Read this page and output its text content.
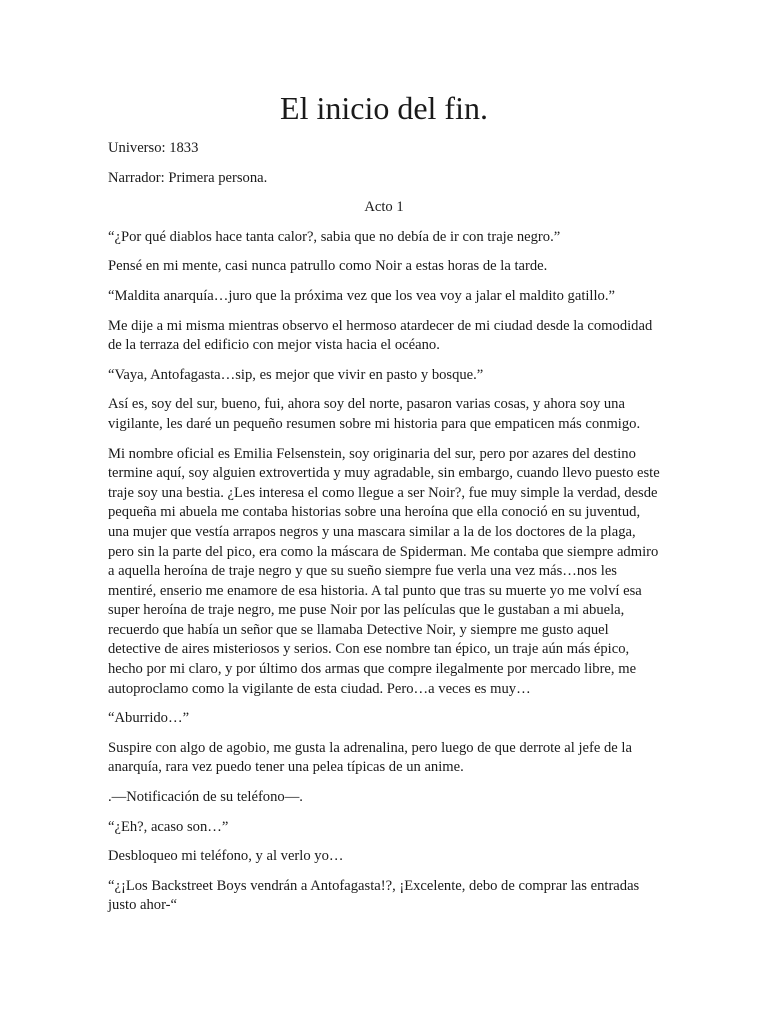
El inicio del fin.

Universo: 1833

Narrador: Primera persona.

Acto 1

“¿Por qué diablos hace tanta calor?, sabia que no debía de ir con traje negro.”

Pensé en mi mente, casi nunca patrullo como Noir a estas horas de la tarde.

“Maldita anarquía…juro que la próxima vez que los vea voy a jalar el maldito gatillo.”

Me dije a mi misma mientras observo el hermoso atardecer de mi ciudad desde la comodidad de la terraza del edificio con mejor vista hacia el océano.

“Vaya, Antofagasta…sip, es mejor que vivir en pasto y bosque.”

Así es, soy del sur, bueno, fui, ahora soy del norte, pasaron varias cosas, y ahora soy una vigilante, les daré un pequeño resumen sobre mi historia para que empaticen más conmigo.

Mi nombre oficial es Emilia Felsenstein, soy originaria del sur, pero por azares del destino termine aquí, soy alguien extrovertida y muy agradable, sin embargo, cuando llevo puesto este traje soy una bestia. ¿Les interesa el como llegue a ser Noir?, fue muy simple la verdad, desde pequeña mi abuela me contaba historias sobre una heroína que ella conoció en su juventud, una mujer que vestía arrapos negros y una mascara similar a la de los doctores de la plaga, pero sin la parte del pico, era como la máscara de Spiderman. Me contaba que siempre admiro a aquella heroína de traje negro y que su sueño siempre fue verla una vez más…nos les mentiré, enserio me enamore de esa historia. A tal punto que tras su muerte yo me volví esa super heroína de traje negro, me puse Noir por las películas que le gustaban a mi abuela, recuerdo que había un señor que se llamaba Detective Noir, y siempre me gusto aquel detective de aires misteriosos y serios. Con ese nombre tan épico, un traje aún más épico, hecho por mi claro, y por último dos armas que compre ilegalmente por mercado libre, me autoproclamo como la vigilante de esta ciudad. Pero…a veces es muy…

“Aburrido…”

Suspire con algo de agobio, me gusta la adrenalina, pero luego de que derrote al jefe de la anarquía, rara vez puedo tener una pelea típicas de un anime.

.—Notificación de su teléfono—.

“¿Eh?, acaso son…”

Desbloqueo mi teléfono, y al verlo yo…

“¿¡Los Backstreet Boys vendrán a Antofagasta!?, ¡Excelente, debo de comprar las entradas justo ahor-“
